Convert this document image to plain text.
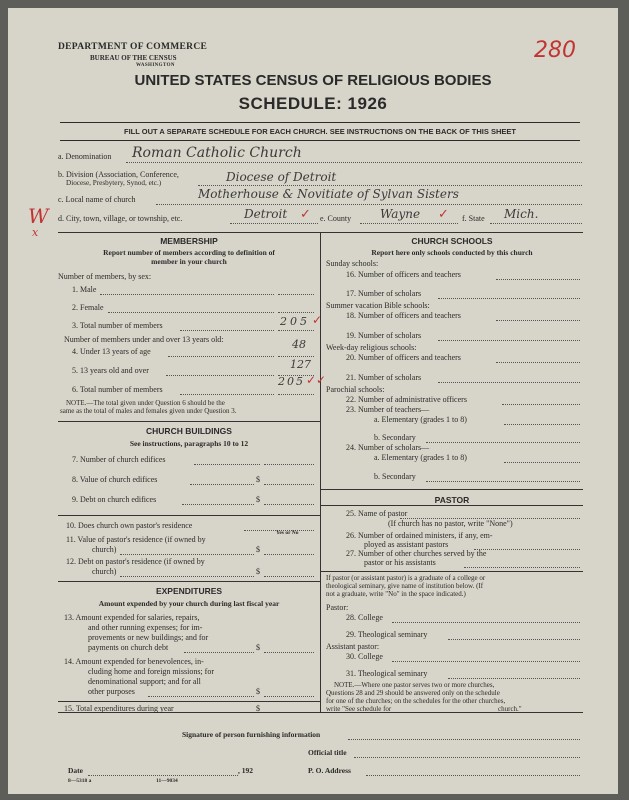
DEPARTMENT OF COMMERCE
BUREAU OF THE CENSUS
WASHINGTON
280
UNITED STATES CENSUS OF RELIGIOUS BODIES
SCHEDULE: 1926
FILL OUT A SEPARATE SCHEDULE FOR EACH CHURCH. SEE INSTRUCTIONS ON THE BACK OF THIS SHEET
a. Denomination Roman Catholic Church
b. Division (Association, Conference,
Diocese, Presbytery, Synod, etc.)	Diocese of Detroit
c. Local name of church	Motherhouse & Novitiate of Sylvan Sisters
d. City, town, village, or township, etc.	Detroit ✓ e. County Wayne ✓ f. State Mich.
W
x
MEMBERSHIP
Report number of members according to definition of
member in your church
Number of members, by sex:
1. Male
2. Female
3. Total number of members	205 ✓
Number of members under and over 13 years old:
4. Under 13 years of age
48
5. 13 years old and over	127
6. Total number of members
205 ✓✓
NOTE.—The total given under Question 6 should be the
same as the total of males and females given under Question 3.
CHURCH BUILDINGS
See instructions, paragraphs 10 to 12
7. Number of church edifices
8. Value of church edifices	$
9. Debt on church edifices	$
10. Does church own pastor's residence
Yes or No
11. Value of pastor's residence (if owned by
church)	$
12. Debt on pastor's residence (if owned by
church)	$
EXPENDITURES
Amount expended by your church during last fiscal year
13. Amount expended for salaries, repairs,
and other running expenses; for im-
provements or new buildings; and for
payments on church debt	$
14. Amount expended for benevolences, in-
cluding home and foreign missions; for
denominational support; and for all
other purposes	$
15. Total expenditures during year	$
CHURCH SCHOOLS
Report here only schools conducted by this church
Sunday schools:
16. Number of officers and teachers
17. Number of scholars
Summer vacation Bible schools:
18. Number of officers and teachers
19. Number of scholars
Week-day religious schools:
20. Number of officers and teachers
21. Number of scholars
Parochial schools:
22. Number of administrative officers
23. Number of teachers—
a. Elementary (grades 1 to 8)
b. Secondary
24. Number of scholars—
a. Elementary (grades 1 to 8)
b. Secondary
PASTOR
25. Name of pastor
(If church has no pastor, write "None")
26. Number of ordained ministers, if any, em-
ployed as assistant pastors
27. Number of other churches served by the
pastor or his assistants
If pastor (or assistant pastor) is a graduate of a college or
theological seminary, give name of institution below. (If
not a graduate, write "No" in the space indicated.)
Pastor:
28. College
29. Theological seminary
Assistant pastor:
30. College
31. Theological seminary
NOTE.—Where one pastor serves two or more churches,
Questions 28 and 29 should be answered only on the schedule
for one of the churches; on the schedules for the other churches,
write "See schedule for	church."
Signature of person furnishing information
Official title
Date	, 192	P. O. Address
8—5318 a	11—9034
